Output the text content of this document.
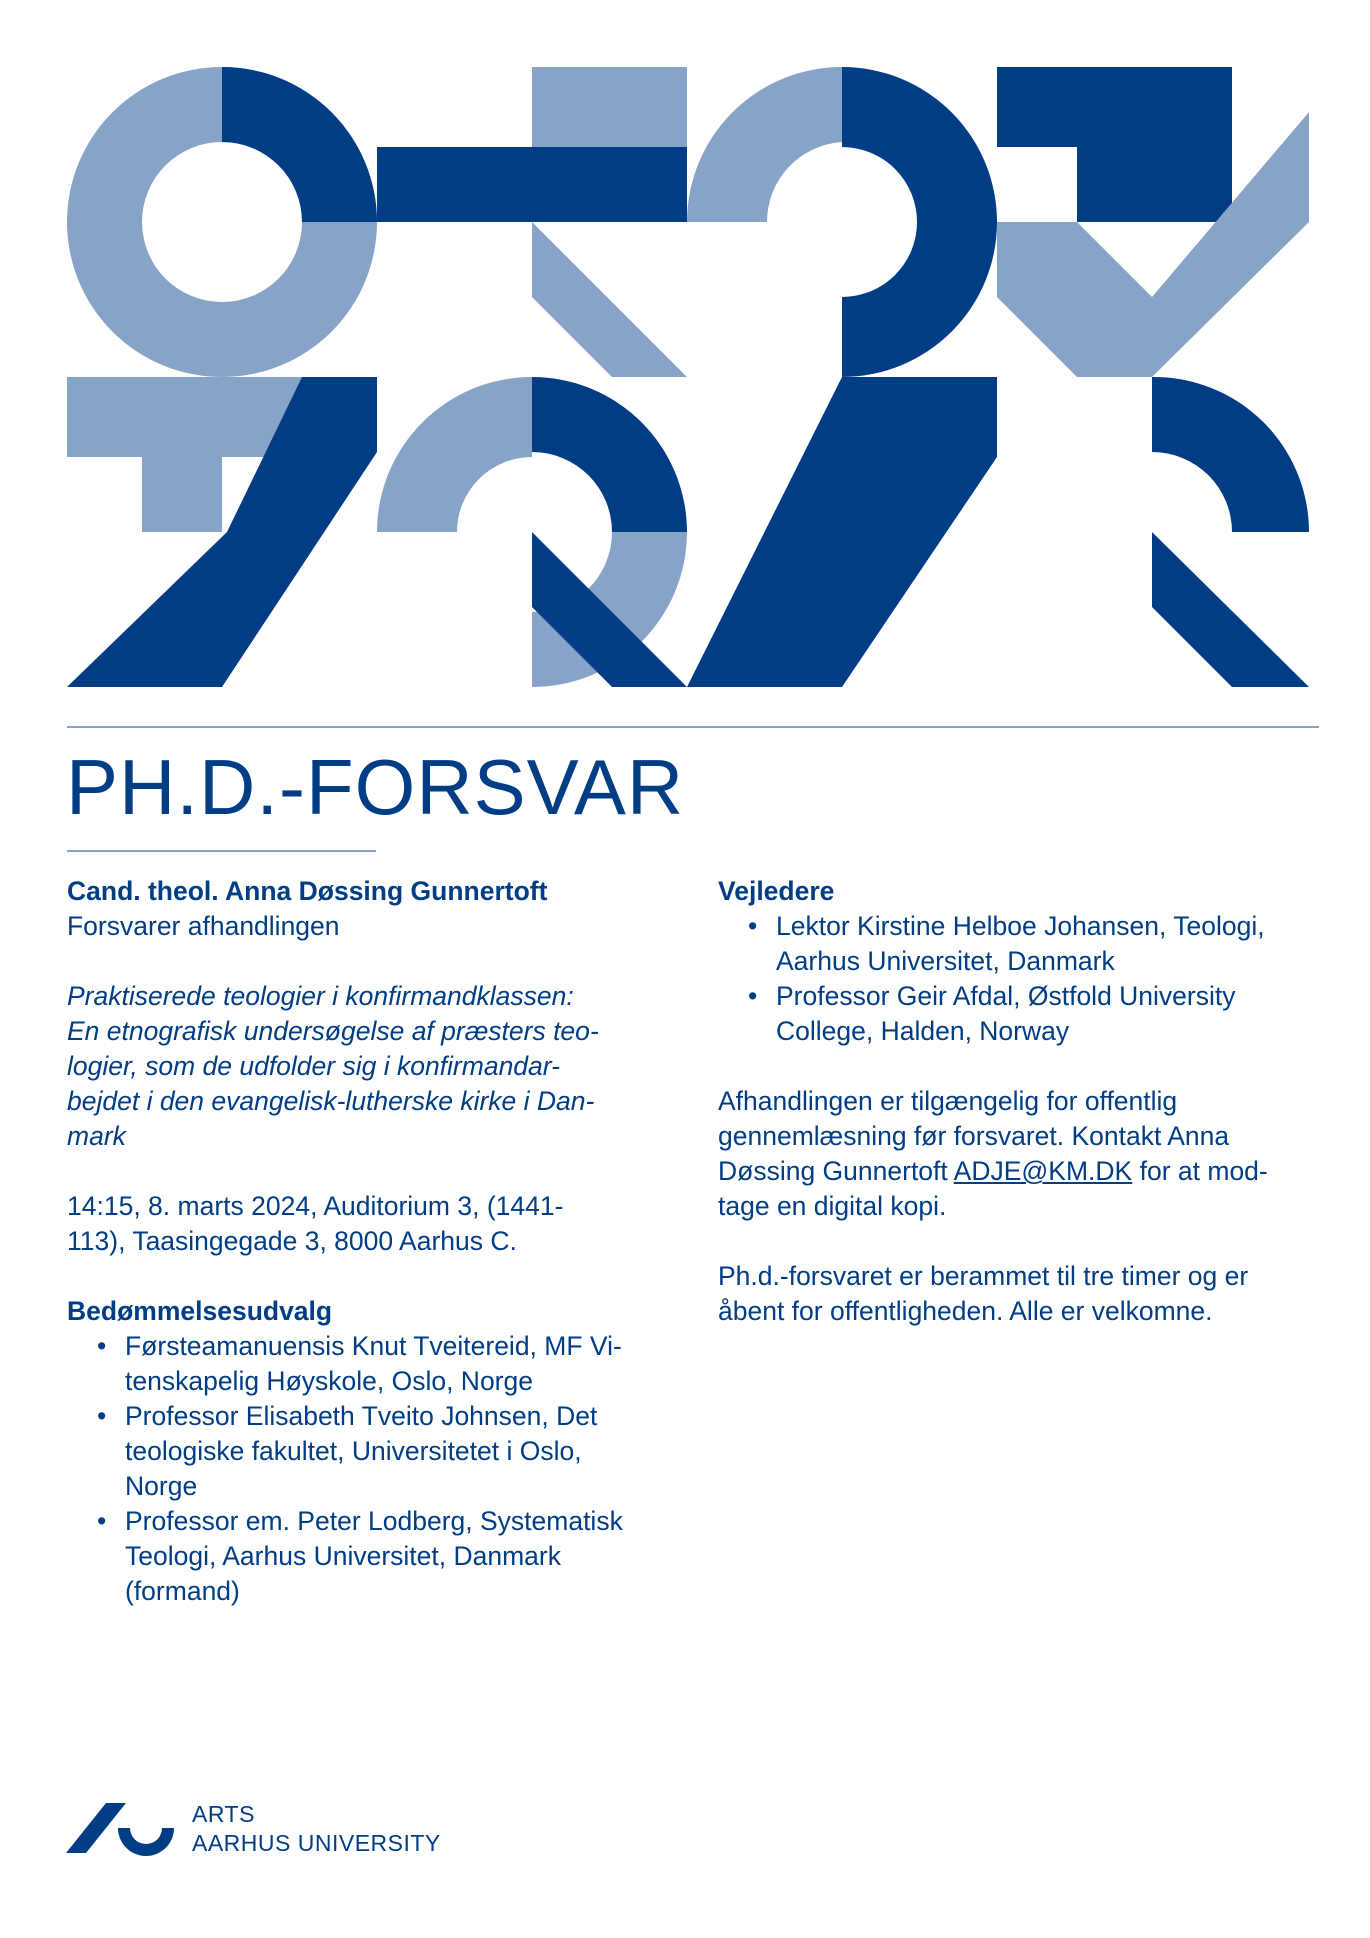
PH.D.-FORSVAR

Cand. theol. Anna Døssing Gunnertoft

Forsvarer afhandlingen

Praktiserede teologier i konfirmandklassen:

En etnografisk undersøgelse af præsters teo-

logier, som de udfolder sig i konfirmandar-

bejdet i den evangelisk-lutherske kirke i Dan-

mark

14:15, 8. marts 2024, Auditorium 3, (1441-

113), Taasingegade 3, 8000 Aarhus C.

Bedømmelsesudvalg

• Førsteamanuensis Knut Tveitereid, MF Vi-
tenskapelig Høyskole, Oslo, Norge
• Professor Elisabeth Tveito Johnsen, Det
teologiske fakultet, Universitetet i Oslo,
Norge
• Professor em. Peter Lodberg, Systematisk
Teologi, Aarhus Universitet, Danmark
(formand)

Vejledere

• Lektor Kirstine Helboe Johansen, Teologi,
Aarhus Universitet, Danmark
• Professor Geir Afdal, Østfold University
College, Halden, Norway

Afhandlingen er tilgængelig for offentlig

gennemlæsning før forsvaret. Kontakt Anna

Døssing Gunnertoft ADJE@KM.DK for at mod-

tage en digital kopi.

Ph.d.-forsvaret er berammet til tre timer og er

åbent for offentligheden. Alle er velkomne.

ARTS
AARHUS UNIVERSITY
